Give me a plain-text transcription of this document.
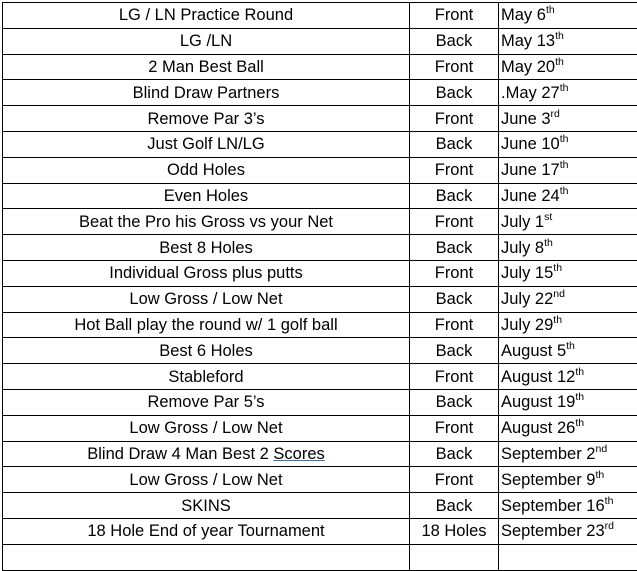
LG / LN Practice Round	Front	May 6th
LG /LN	Back	May 13th
2 Man Best Ball	Front	May 20th
Blind Draw Partners	Back	.May 27th
Remove Par 3’s	Front	June 3rd
Just Golf LN/LG	Back	June 10th
Odd Holes	Front	June 17th
Even Holes	Back	June 24th
Beat the Pro his Gross vs your Net	Front	July 1st
Best 8 Holes	Back	July 8th
Individual Gross plus putts	Front	July 15th
Low Gross / Low Net	Back	July 22nd
Hot Ball play the round w/ 1 golf ball	Front	July 29th
Best 6 Holes	Back	August 5th
Stableford	Front	August 12th
Remove Par 5’s	Back	August 19th
Low Gross / Low Net	Front	August 26th
Blind Draw 4 Man Best 2 Scores	Back	September 2nd
Low Gross / Low Net	Front	September 9th
SKINS	Back	September 16th
18 Hole End of year Tournament	18 Holes	September 23rd
